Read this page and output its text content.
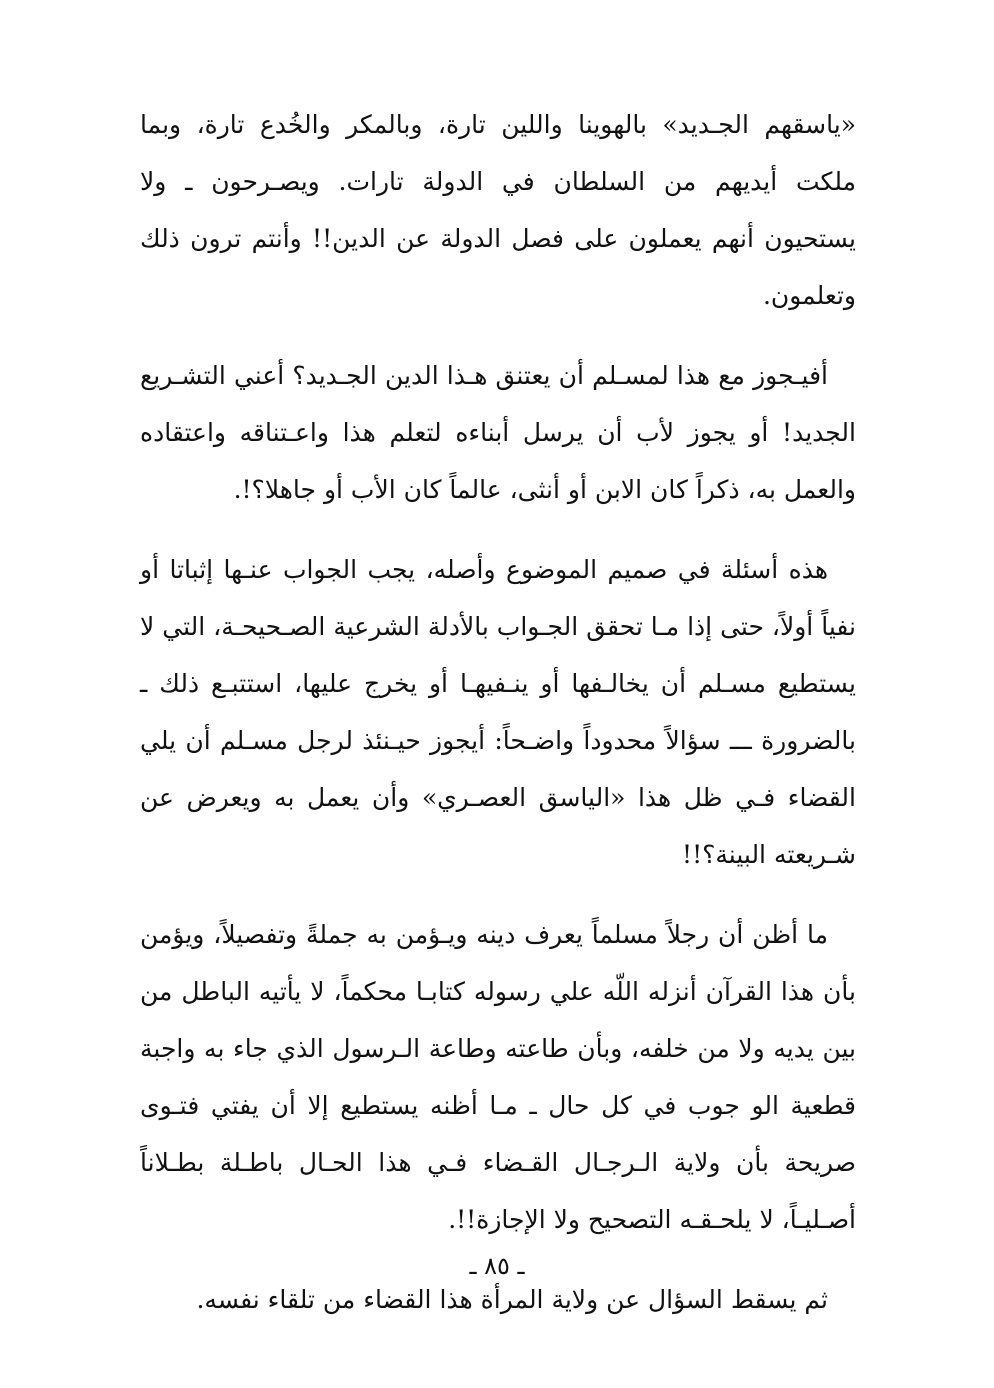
«ياسقهم الجـديد» بالهوينا واللين تارة، وبالمكر والخُدع تارة، وبما ملكت أيديهم من السلطان في الدولة تارات. ويصـرحون ـ ولا يستحيون أنهم يعملون على فصل الدولة عن الدين!! وأنتم ترون ذلك وتعلمون.

أفيـجوز مع هذا لمسـلم أن يعتنق هـذا الدين الجـديد؟ أعني التشـريع الجديد! أو يجوز لأب أن يرسل أبناءه لتعلم هذا واعـتناقه واعتقاده والعمل به، ذكراً كان الابن أو أنثى، عالماً كان الأب أو جاهلا؟!.

هذه أسئلة في صميم الموضوع وأصله، يجب الجواب عنـها إثباتا أو نفياً أولاً، حتى إذا مـا تحقق الجـواب بالأدلة الشرعية الصـحيحـة، التي لا يستطيع مسـلم أن يخالـفها أو ينـفيهـا أو يخرج عليها، استتبـع ذلك ـ بالضرورة ـــ سؤالاً محدوداً واضـحاً: أيجوز حيـنئذ لرجل مسـلم أن يلي القضاء فـي ظل هذا «الياسق العصـري» وأن يعمل به ويعرض عن شـريعته البينة؟!!

ما أظن أن رجلاً مسلماً يعرف دينه ويـؤمن به جملةً وتفصيلاً، ويؤمن بأن هذا القرآن أنزله اللّه علي رسوله كتابـا محكماً، لا يأتيه الباطل من بين يديه ولا من خلفه، وبأن طاعته وطاعة الـرسول الذي جاء به واجبة قطعية الو جوب في كل حال ـ مـا أظنه يستطيع إلا أن يفتي فتـوى صريحة بأن ولاية الـرجـال القـضاء فـي هذا الحـال باطـلة بطـلاناً أصـليـاً، لا يلحـقـه التصحيح ولا الإجازة!!.

ثم يسقط السؤال عن ولاية المرأة هذا القضاء من تلقاء نفسه.

ـ ٨٥ ـ
